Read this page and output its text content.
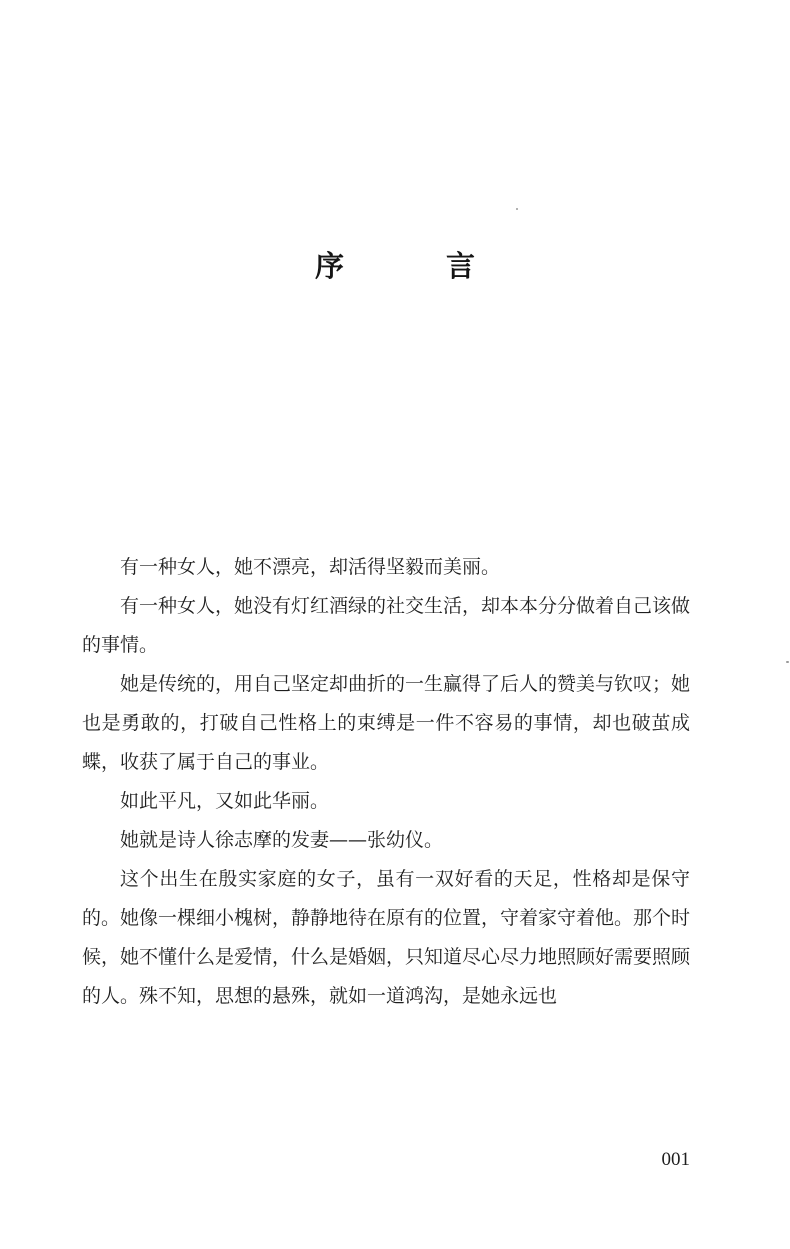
序 言

有一种女人，她不漂亮，却活得坚毅而美丽。

有一种女人，她没有灯红酒绿的社交生活，却本本分分做着自己该做的事情。

她是传统的，用自己坚定却曲折的一生赢得了后人的赞美与钦叹；她也是勇敢的，打破自己性格上的束缚是一件不容易的事情，却也破茧成蝶，收获了属于自己的事业。

如此平凡，又如此华丽。

她就是诗人徐志摩的发妻——张幼仪。

这个出生在殷实家庭的女子，虽有一双好看的天足，性格却是保守的。她像一棵细小槐树，静静地待在原有的位置，守着家守着他。那个时候，她不懂什么是爱情，什么是婚姻，只知道尽心尽力地照顾好需要照顾的人。殊不知，思想的悬殊，就如一道鸿沟，是她永远也

001
